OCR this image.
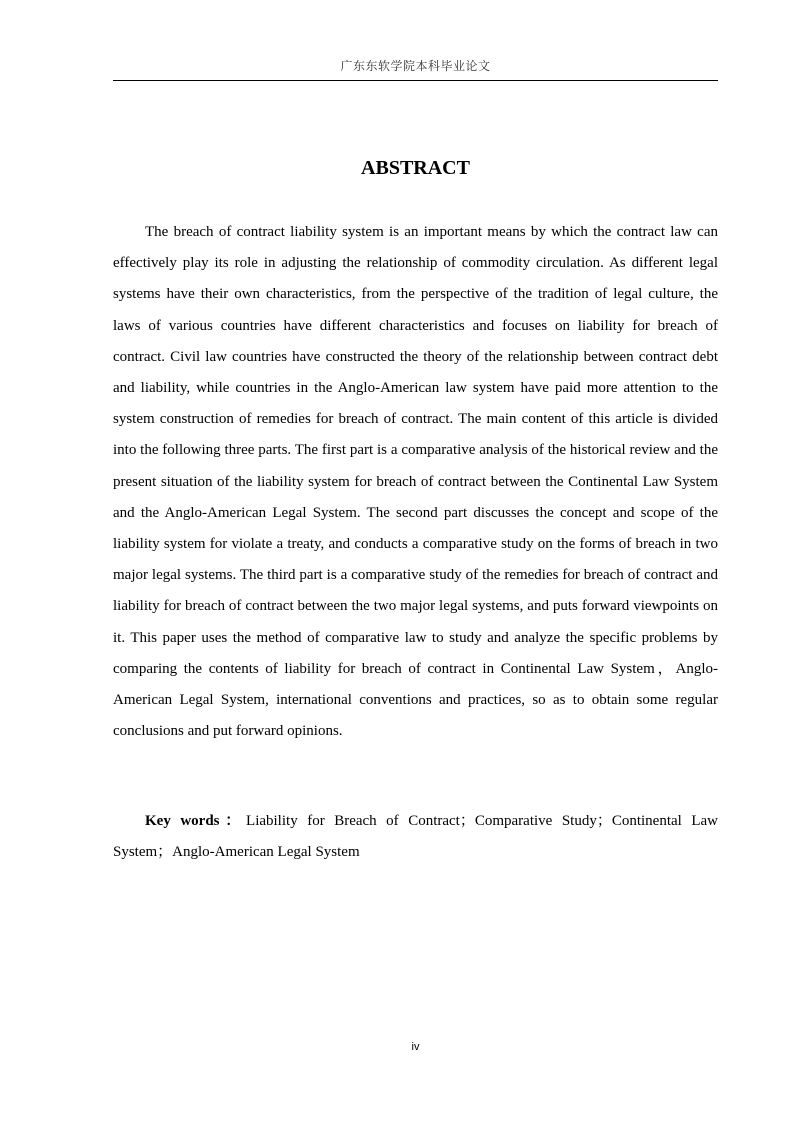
广东东软学院本科毕业论文
ABSTRACT

The breach of contract liability system is an important means by which the contract law can effectively play its role in adjusting the relationship of commodity circulation. As different legal systems have their own characteristics, from the perspective of the tradition of legal culture, the laws of various countries have different characteristics and focuses on liability for breach of contract. Civil law countries have constructed the theory of the relationship between contract debt and liability, while countries in the Anglo-American law system have paid more attention to the system construction of remedies for breach of contract. The main content of this article is divided into the following three parts. The first part is a comparative analysis of the historical review and the present situation of the liability system for breach of contract between the Continental Law System and the Anglo-American Legal System. The second part discusses the concept and scope of the liability system for violate a treaty, and conducts a comparative study on the forms of breach in two major legal systems. The third part is a comparative study of the remedies for breach of contract and liability for breach of contract between the two major legal systems, and puts forward viewpoints on it. This paper uses the method of comparative law to study and analyze the specific problems by comparing the contents of liability for breach of contract in Continental Law System，Anglo-American Legal System, international conventions and practices, so as to obtain some regular conclusions and put forward opinions.

Key words：Liability for Breach of Contract；Comparative Study；Continental Law System；Anglo-American Legal System

iv
